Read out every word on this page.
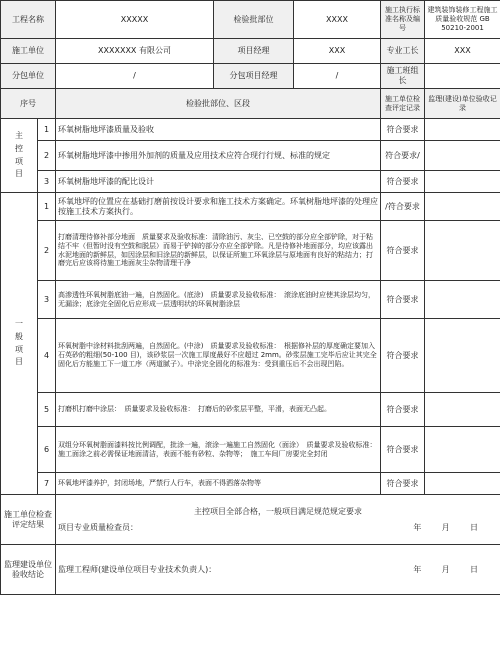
工程名称		XXXXX	检验批部位	XXXX	施工执行标准名称及编号	建筑装饰装修工程施工质量验收规范 GB 50210-2001
施工单位		XXXXXXX 有限公司	项目经理	XXX	专业工长	XXX
分包单位		/	分包项目经理	/	施工班组长	
序号		检验批部位、区段			施工单位检查评定记录	监理(建设)单位验收记录
主控项目	1	环氧树脂地坪漆质量及验收			符合要求	
	2	环氧树脂地坪漆中掺用外加剂的质量及应用技术应符合现行行规、标准的规定			符合要求/	
	3	环氧树脂地坪漆的配比设计			符合要求	
一般项目	1	环氧地坪的位置应在基础打磨前按设计要求和施工技术方案确定。环氧树脂地坪漆的处理应按施工技术方案执行。			/符合要求	
	2	打磨清理待修补部分地面　质量要求及验收标准：清除油污、灰尘、已空鼓的部分应全部铲除，对于粘结不牢（但暂时没有空鼓和脱层）而易于铲掉的部分亦应全部铲除。凡是待修补地面部分，均应该露出水泥地面的新鲜层，如因涂层和旧涂层的新鲜层，以保证所施工环氧涂层与原地面有良好的粘结力；打磨完后应该将待施工地面灰尘杂物清理干净			符合要求	
	3	高渗透性环氧树脂底油一遍，自然固化。(底涂)　质量要求及验收标准：　滚涂底油时应使其涂层均匀，无漏涂；底涂完全固化后应形成一层透明状的环氧树脂涂层			符合要求	
	4	环氧树脂中涂材料批刮两遍，自然固化。(中涂)　质量要求及验收标准：　根据修补层的厚度确定要加入石英砂的粗细(50-100 目)，该砂浆层一次施工厚度最好不应超过 2mm。砂浆层施工完毕后应让其完全固化后方能施工下一道工序（两道腻子）。中涂完全固化的标准为：受到重压后不会出现凹陷。			符合要求	
	5	打磨机打磨中涂层：　质量要求及验收标准：　打磨后的砂浆层平整，平滑，表面无凸起。			符合要求	
	6	双组分环氧树脂面漆料按比例调配，批涂一遍，滚涂一遍施工自然固化（面涂）　质量要求及验收标准：　施工面涂之前必需保证地面清洁，表面不能有砂粒、杂物等；　施工车间厂房要完全封闭			符合要求	
	7	环氧地坪漆养护，封闭场地，严禁行人行车，表面不得洒落杂物等			符合要求	
施工单位检查评定结果		主控项目全部合格，一般项目满足规范规定要求
项目专业质量检查员： 年 月 日				

监理建设单位验收结论		监理工程师(建设单位项目专业技术负责人)： 年 月 日				
